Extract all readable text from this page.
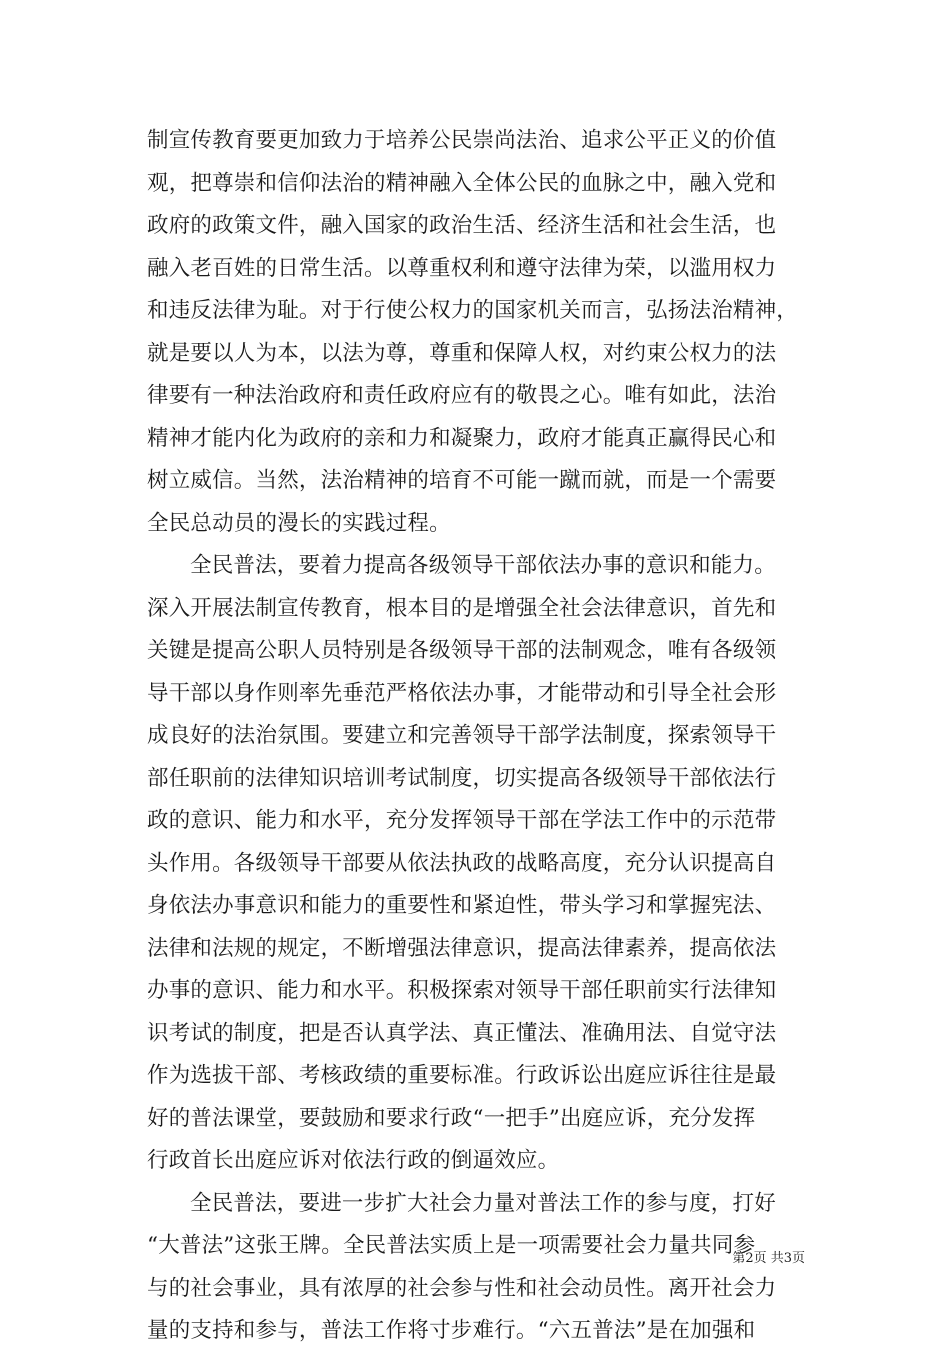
制宣传教育要更加致力于培养公民崇尚法治、追求公平正义的价值
观，把尊崇和信仰法治的精神融入全体公民的血脉之中，融入党和
政府的政策文件，融入国家的政治生活、经济生活和社会生活，也
融入老百姓的日常生活。以尊重权利和遵守法律为荣，以滥用权力
和违反法律为耻。对于行使公权力的国家机关而言，弘扬法治精神，
就是要以人为本，以法为尊，尊重和保障人权，对约束公权力的法
律要有一种法治政府和责任政府应有的敬畏之心。唯有如此，法治
精神才能内化为政府的亲和力和凝聚力，政府才能真正赢得民心和
树立威信。当然，法治精神的培育不可能一蹴而就，而是一个需要
全民总动员的漫长的实践过程。
全民普法，要着力提高各级领导干部依法办事的意识和能力。
深入开展法制宣传教育，根本目的是增强全社会法律意识，首先和
关键是提高公职人员特别是各级领导干部的法制观念，唯有各级领
导干部以身作则率先垂范严格依法办事，才能带动和引导全社会形
成良好的法治氛围。要建立和完善领导干部学法制度，探索领导干
部任职前的法律知识培训考试制度，切实提高各级领导干部依法行
政的意识、能力和水平，充分发挥领导干部在学法工作中的示范带
头作用。各级领导干部要从依法执政的战略高度，充分认识提高自
身依法办事意识和能力的重要性和紧迫性，带头学习和掌握宪法、
法律和法规的规定，不断增强法律意识，提高法律素养，提高依法
办事的意识、能力和水平。积极探索对领导干部任职前实行法律知
识考试的制度，把是否认真学法、真正懂法、准确用法、自觉守法
作为选拔干部、考核政绩的重要标准。行政诉讼出庭应诉往往是最
好的普法课堂，要鼓励和要求行政“一把手”出庭应诉，充分发挥
行政首长出庭应诉对依法行政的倒逼效应。
全民普法，要进一步扩大社会力量对普法工作的参与度，打好
“大普法”这张王牌。全民普法实质上是一项需要社会力量共同参
与的社会事业，具有浓厚的社会参与性和社会动员性。离开社会力
量的支持和参与，普法工作将寸步难行。“六五普法”是在加强和
第2页 共3页
